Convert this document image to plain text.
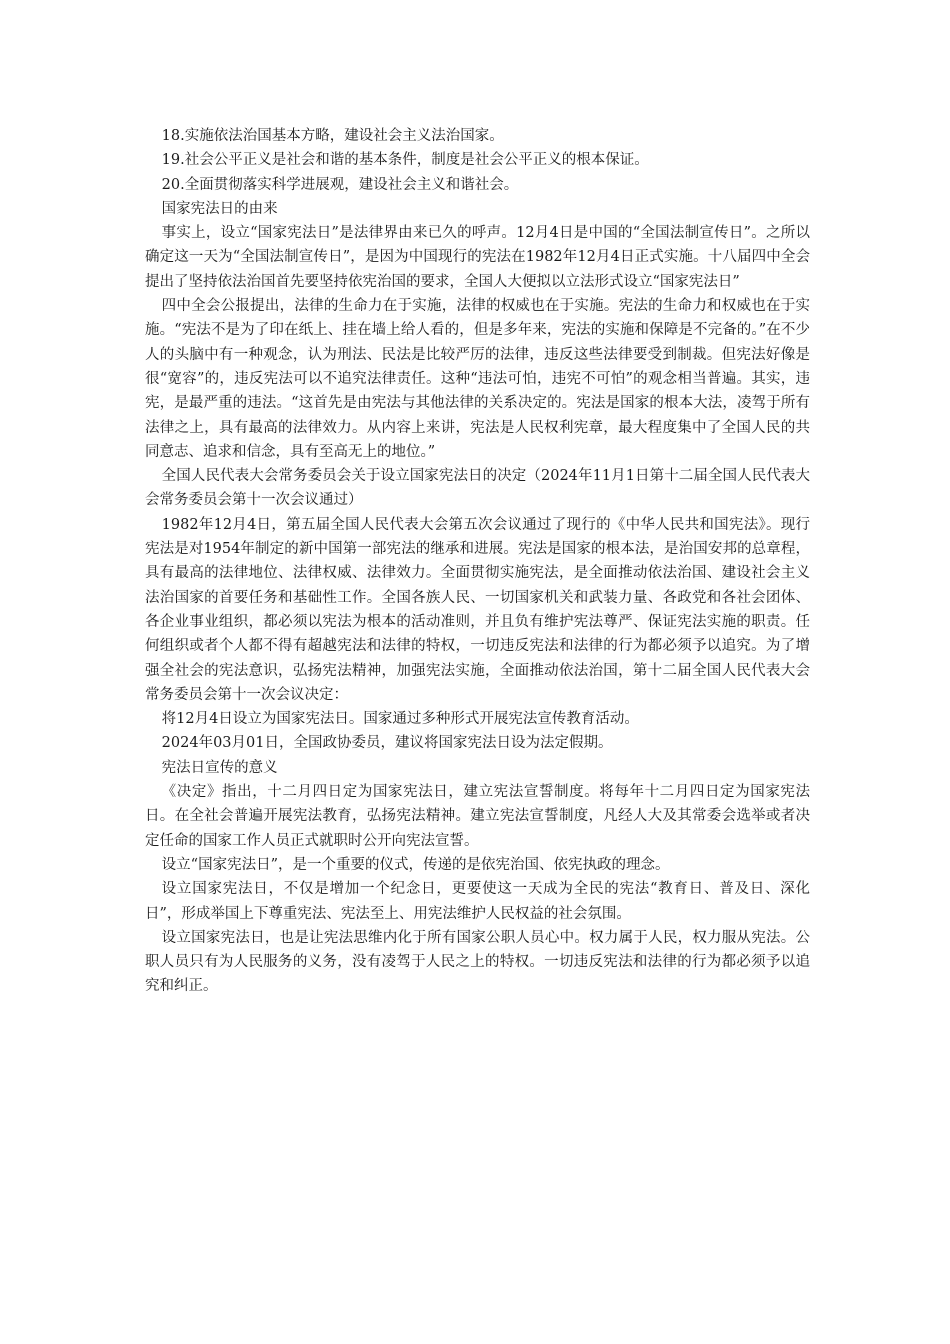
18.实施依法治国基本方略，建设社会主义法治国家。

19.社会公平正义是社会和谐的基本条件，制度是社会公平正义的根本保证。

20.全面贯彻落实科学进展观，建设社会主义和谐社会。

国家宪法日的由来

事实上，设立“国家宪法日”是法律界由来已久的呼声。12月4日是中国的“全国法制宣传日”。之所以确定这一天为“全国法制宣传日”，是因为中国现行的宪法在1982年12月4日正式实施。十八届四中全会提出了坚持依法治国首先要坚持依宪治国的要求，全国人大便拟以立法形式设立“国家宪法日”

四中全会公报提出，法律的生命力在于实施，法律的权威也在于实施。宪法的生命力和权威也在于实施。“宪法不是为了印在纸上、挂在墙上给人看的，但是多年来，宪法的实施和保障是不完备的。”在不少人的头脑中有一种观念，认为刑法、民法是比较严厉的法律，违反这些法律要受到制裁。但宪法好像是很“宽容”的，违反宪法可以不追究法律责任。这种“违法可怕，违宪不可怕”的观念相当普遍。其实，违宪，是最严重的违法。“这首先是由宪法与其他法律的关系决定的。宪法是国家的根本大法，凌驾于所有法律之上，具有最高的法律效力。从内容上来讲，宪法是人民权利宪章，最大程度集中了全国人民的共同意志、追求和信念，具有至高无上的地位。”

全国人民代表大会常务委员会关于设立国家宪法日的决定（2024年11月1日第十二届全国人民代表大会常务委员会第十一次会议通过）

1982年12月4日，第五届全国人民代表大会第五次会议通过了现行的《中华人民共和国宪法》。现行宪法是对1954年制定的新中国第一部宪法的继承和进展。宪法是国家的根本法，是治国安邦的总章程，具有最高的法律地位、法律权威、法律效力。全面贯彻实施宪法，是全面推动依法治国、建设社会主义法治国家的首要任务和基础性工作。全国各族人民、一切国家机关和武装力量、各政党和各社会团体、各企业事业组织，都必须以宪法为根本的活动准则，并且负有维护宪法尊严、保证宪法实施的职责。任何组织或者个人都不得有超越宪法和法律的特权，一切违反宪法和法律的行为都必须予以追究。为了增强全社会的宪法意识，弘扬宪法精神，加强宪法实施，全面推动依法治国，第十二届全国人民代表大会常务委员会第十一次会议决定：

将12月4日设立为国家宪法日。国家通过多种形式开展宪法宣传教育活动。

2024年03月01日，全国政协委员，建议将国家宪法日设为法定假期。

宪法日宣传的意义

《决定》指出，十二月四日定为国家宪法日，建立宪法宣誓制度。将每年十二月四日定为国家宪法日。在全社会普遍开展宪法教育，弘扬宪法精神。建立宪法宣誓制度，凡经人大及其常委会选举或者决定任命的国家工作人员正式就职时公开向宪法宣誓。

设立“国家宪法日”，是一个重要的仪式，传递的是依宪治国、依宪执政的理念。

设立国家宪法日，不仅是增加一个纪念日，更要使这一天成为全民的宪法“教育日、普及日、深化日”，形成举国上下尊重宪法、宪法至上、用宪法维护人民权益的社会氛围。

设立国家宪法日，也是让宪法思维内化于所有国家公职人员心中。权力属于人民，权力服从宪法。公职人员只有为人民服务的义务，没有凌驾于人民之上的特权。一切违反宪法和法律的行为都必须予以追究和纠正。
